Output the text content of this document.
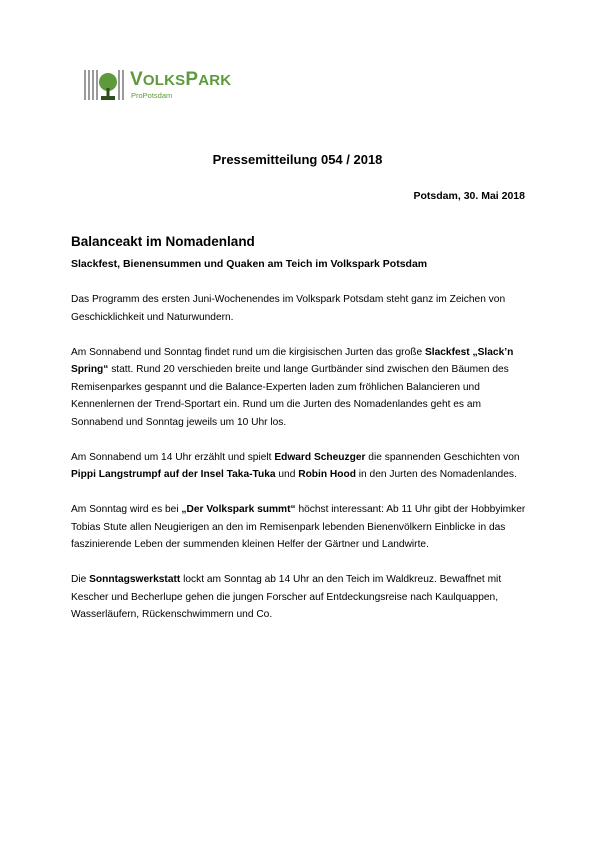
VOLKSPARK
ProPotsdam
Pressemitteilung 054 / 2018
Potsdam, 30. Mai 2018
Balanceakt im Nomadenland
Slackfest, Bienensummen und Quaken am Teich im Volkspark Potsdam

Das Programm des ersten Juni-Wochenendes im Volkspark Potsdam steht ganz im Zeichen von Geschicklichkeit und Naturwundern.

Am Sonnabend und Sonntag findet rund um die kirgisischen Jurten das große Slackfest „Slack’n Spring“ statt. Rund 20 verschieden breite und lange Gurtbänder sind zwischen den Bäumen des Remisenparkes gespannt und die Balance-Experten laden zum fröhlichen Balancieren und Kennenlernen der Trend-Sportart ein. Rund um die Jurten des Nomadenlandes geht es am Sonnabend und Sonntag jeweils um 10 Uhr los.

Am Sonnabend um 14 Uhr erzählt und spielt Edward Scheuzger die spannenden Geschichten von Pippi Langstrumpf auf der Insel Taka-Tuka und Robin Hood in den Jurten des Nomadenlandes.

Am Sonntag wird es bei „Der Volkspark summt“ höchst interessant: Ab 11 Uhr gibt der Hobbyimker Tobias Stute allen Neugierigen an den im Remisenpark lebenden Bienenvölkern Einblicke in das faszinierende Leben der summenden kleinen Helfer der Gärtner und Landwirte.

Die Sonntagswerkstatt lockt am Sonntag ab 14 Uhr an den Teich im Waldkreuz. Bewaffnet mit Kescher und Becherlupe gehen die jungen Forscher auf Entdeckungsreise nach Kaulquappen, Wasserläufern, Rückenschwimmern und Co.
